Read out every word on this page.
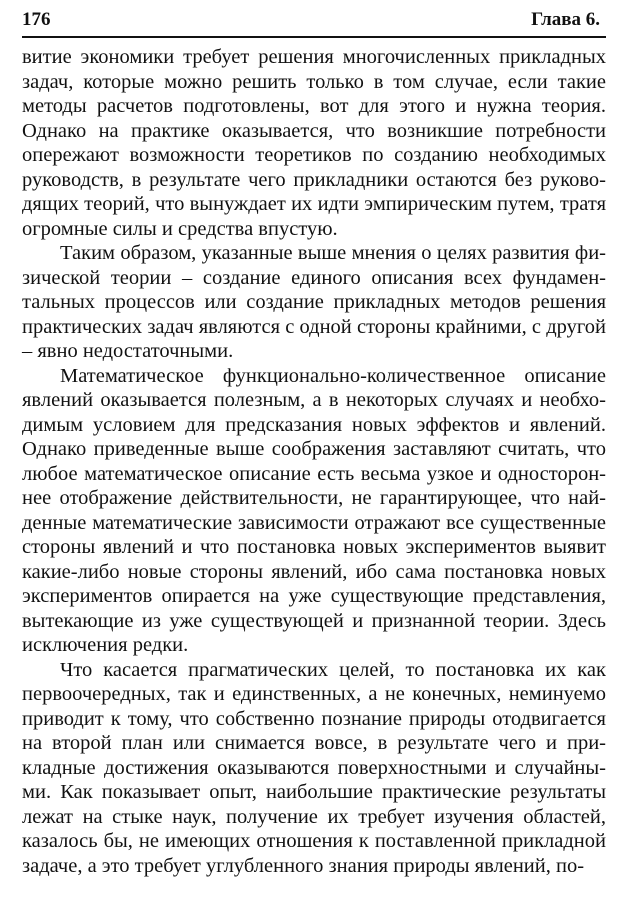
176	Глава 6.

витие экономики требует решения многочисленных прикладных задач, которые можно решить только в том случае, если такие методы расчетов подготовлены, вот для этого и нужна теория. Однако на практике оказывается, что возникшие потребности опережают возможности теоретиков по созданию необходимых руководств, в результате чего прикладники остаются без руководящих теорий, что вынуждает их идти эмпирическим путем, тратя огромные силы и средства впустую.

Таким образом, указанные выше мнения о целях развития физической теории – создание единого описания всех фундаментальных процессов или создание прикладных методов решения практических задач являются с одной стороны крайними, с другой – явно недостаточными.

Математическое функционально-количественное описание явлений оказывается полезным, а в некоторых случаях и необходимым условием для предсказания новых эффектов и явлений. Однако приведенные выше соображения заставляют считать, что любое математическое описание есть весьма узкое и одностороннее отображение действительности, не гарантирующее, что найденные математические зависимости отражают все существенные стороны явлений и что постановка новых экспериментов выявит какие-либо новые стороны явлений, ибо сама постановка новых экспериментов опирается на уже существующие представления, вытекающие из уже существующей и признанной теории. Здесь исключения редки.

Что касается прагматических целей, то постановка их как первоочередных, так и единственных, а не конечных, неминуемо приводит к тому, что собственно познание природы отодвигается на второй план или снимается вовсе, в результате чего и прикладные достижения оказываются поверхностными и случайными. Как показывает опыт, наибольшие практические результаты лежат на стыке наук, получение их требует изучения областей, казалось бы, не имеющих отношения к поставленной прикладной задаче, а это требует углубленного знания природы явлений, по-
